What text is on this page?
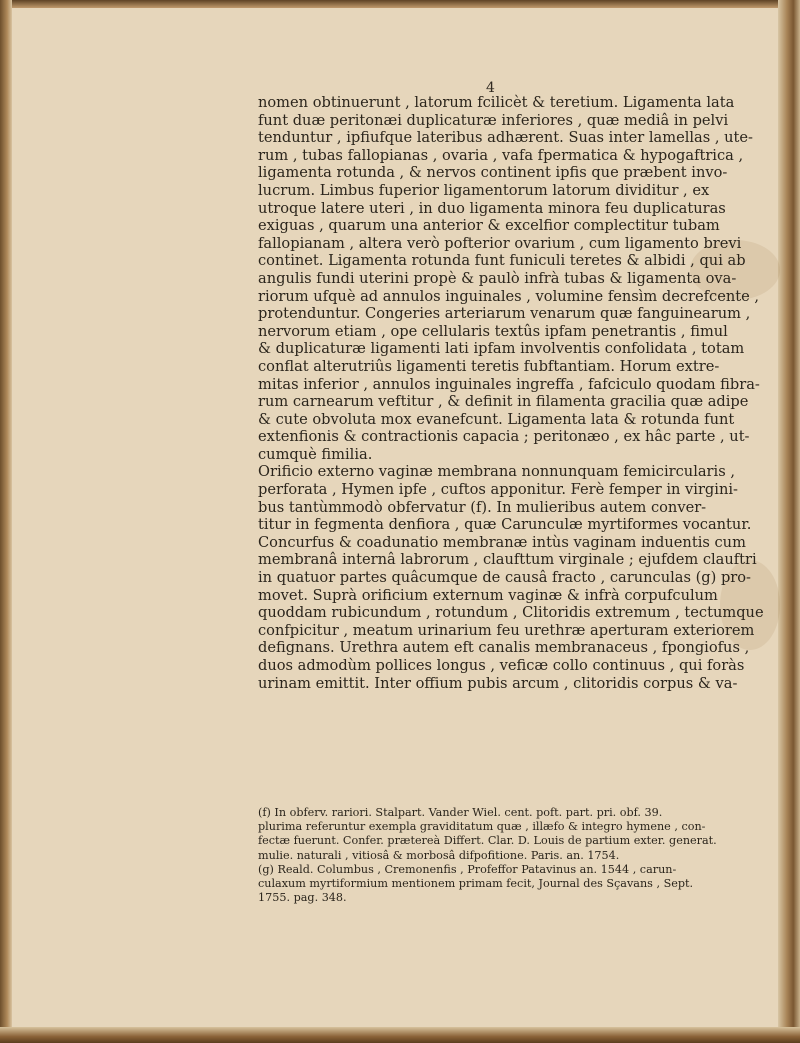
4
nomen obtinuerunt , latorum fcilicèt & teretium. Ligamenta lata
funt duæ peritonæi duplicaturæ inferiores , quæ mediâ in pelvi
tenduntur , ipfiufque lateribus adhærent. Suas inter lamellas , ute-
rum , tubas fallopianas , ovaria , vafa fpermatica & hypogaftrica ,
ligamenta rotunda , & nervos continent ipfis que præbent invo-
lucrum. Limbus fuperior ligamentorum latorum dividitur , ex
utroque latere uteri , in duo ligamenta minora feu duplicaturas
exiguas , quarum una anterior & excelfior complectitur tubam
fallopianam , altera verò pofterior ovarium , cum ligamento brevi
continet. Ligamenta rotunda funt funiculi teretes & albidi , qui ab
angulis fundi uterini propè & paulò infrà tubas & ligamenta ova-
riorum ufquè ad annulos inguinales , volumine fensìm decrefcente ,
protenduntur. Congeries arteriarum venarum quæ fanguinearum ,
nervorum etiam , ope cellularis textûs ipfam penetrantis , fimul
& duplicaturæ ligamenti lati ipfam involventis confolidata , totam
conflat alterutriûs ligamenti teretis fubftantiam. Horum extre-
mitas inferior , annulos inguinales ingreffa , fafciculo quodam fibra-
rum carnearum veftitur , & definit in filamenta gracilia quæ adipe
& cute obvoluta mox evanefcunt. Ligamenta lata & rotunda funt
extenfionis & contractionis capacia ; peritonæo , ex hâc parte , ut-
cumquè fimilia.
Orificio externo vaginæ membrana nonnunquam femicircularis ,
perforata , Hymen ipfe , cuftos apponitur. Ferè femper in virgini-
bus tantùmmodò obfervatur (f). In mulieribus autem conver-
titur in fegmenta denfiora , quæ Carunculæ myrtiformes vocantur.
Concurfus & coadunatio membranæ intùs vaginam induentis cum
membranâ internâ labrorum , claufttum virginale ; ejufdem clauftri
in quatuor partes quâcumque de causâ fracto , carunculas (g) pro-
movet. Suprà orificium externum vaginæ & infrà corpufculum
quoddam rubicundum , rotundum , Clitoridis extremum , tectumque
confpicitur , meatum urinarium feu urethræ aperturam exteriorem
defignans. Urethra autem eft canalis membranaceus , fpongiofus ,
duos admodùm pollices longus , veficæ collo continuus , qui foràs
urinam emittit. Inter offium pubis arcum , clitoridis corpus & va-
(f) In obferv. rariori. Stalpart. Vander Wiel. cent. poft. part. pri. obf. 39.
plurima referuntur exempla graviditatum quæ , illæfo & integro hymene , con-
fectæ fuerunt. Confer. prætereà Differt. Clar. D. Louis de partium exter. generat.
mulie. naturali , vitiosâ & morbosâ difpofitione. Paris. an. 1754.
(g) Reald. Columbus , Cremonenfis , Profeffor Patavinus an. 1544 , carun-
culaxum myrtiformium mentionem primam fecit, Journal des Sçavans , Sept.
1755. pag. 348.
